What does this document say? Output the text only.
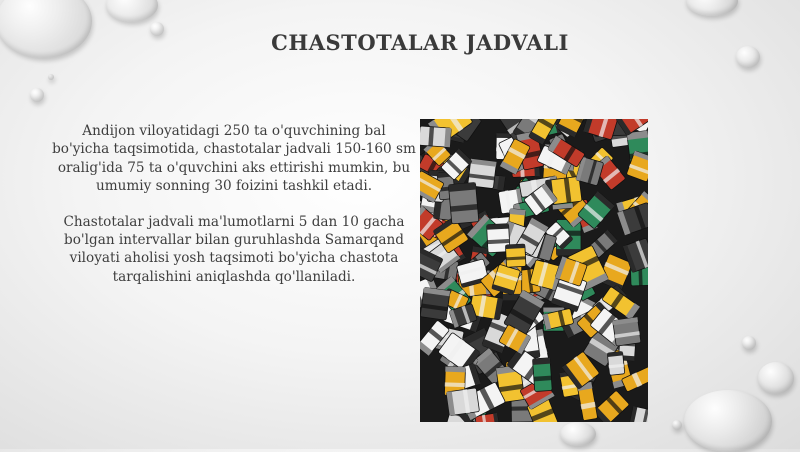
CHASTOTALAR JADVALI

Andijon viloyatidagi 250 ta o'quvchining bal bo'yicha taqsimotida, chastotalar jadvali 150-160 sm oralig'ida 75 ta o'quvchini aks ettirishi mumkin, bu umumiy sonning 30 foizini tashkil etadi.

Chastotalar jadvali ma'lumotlarni 5 dan 10 gacha bo'lgan intervallar bilan guruhlashda Samarqand viloyati aholisi yosh taqsimoti bo'yicha chastota tarqalishini aniqlashda qo'llaniladi.
